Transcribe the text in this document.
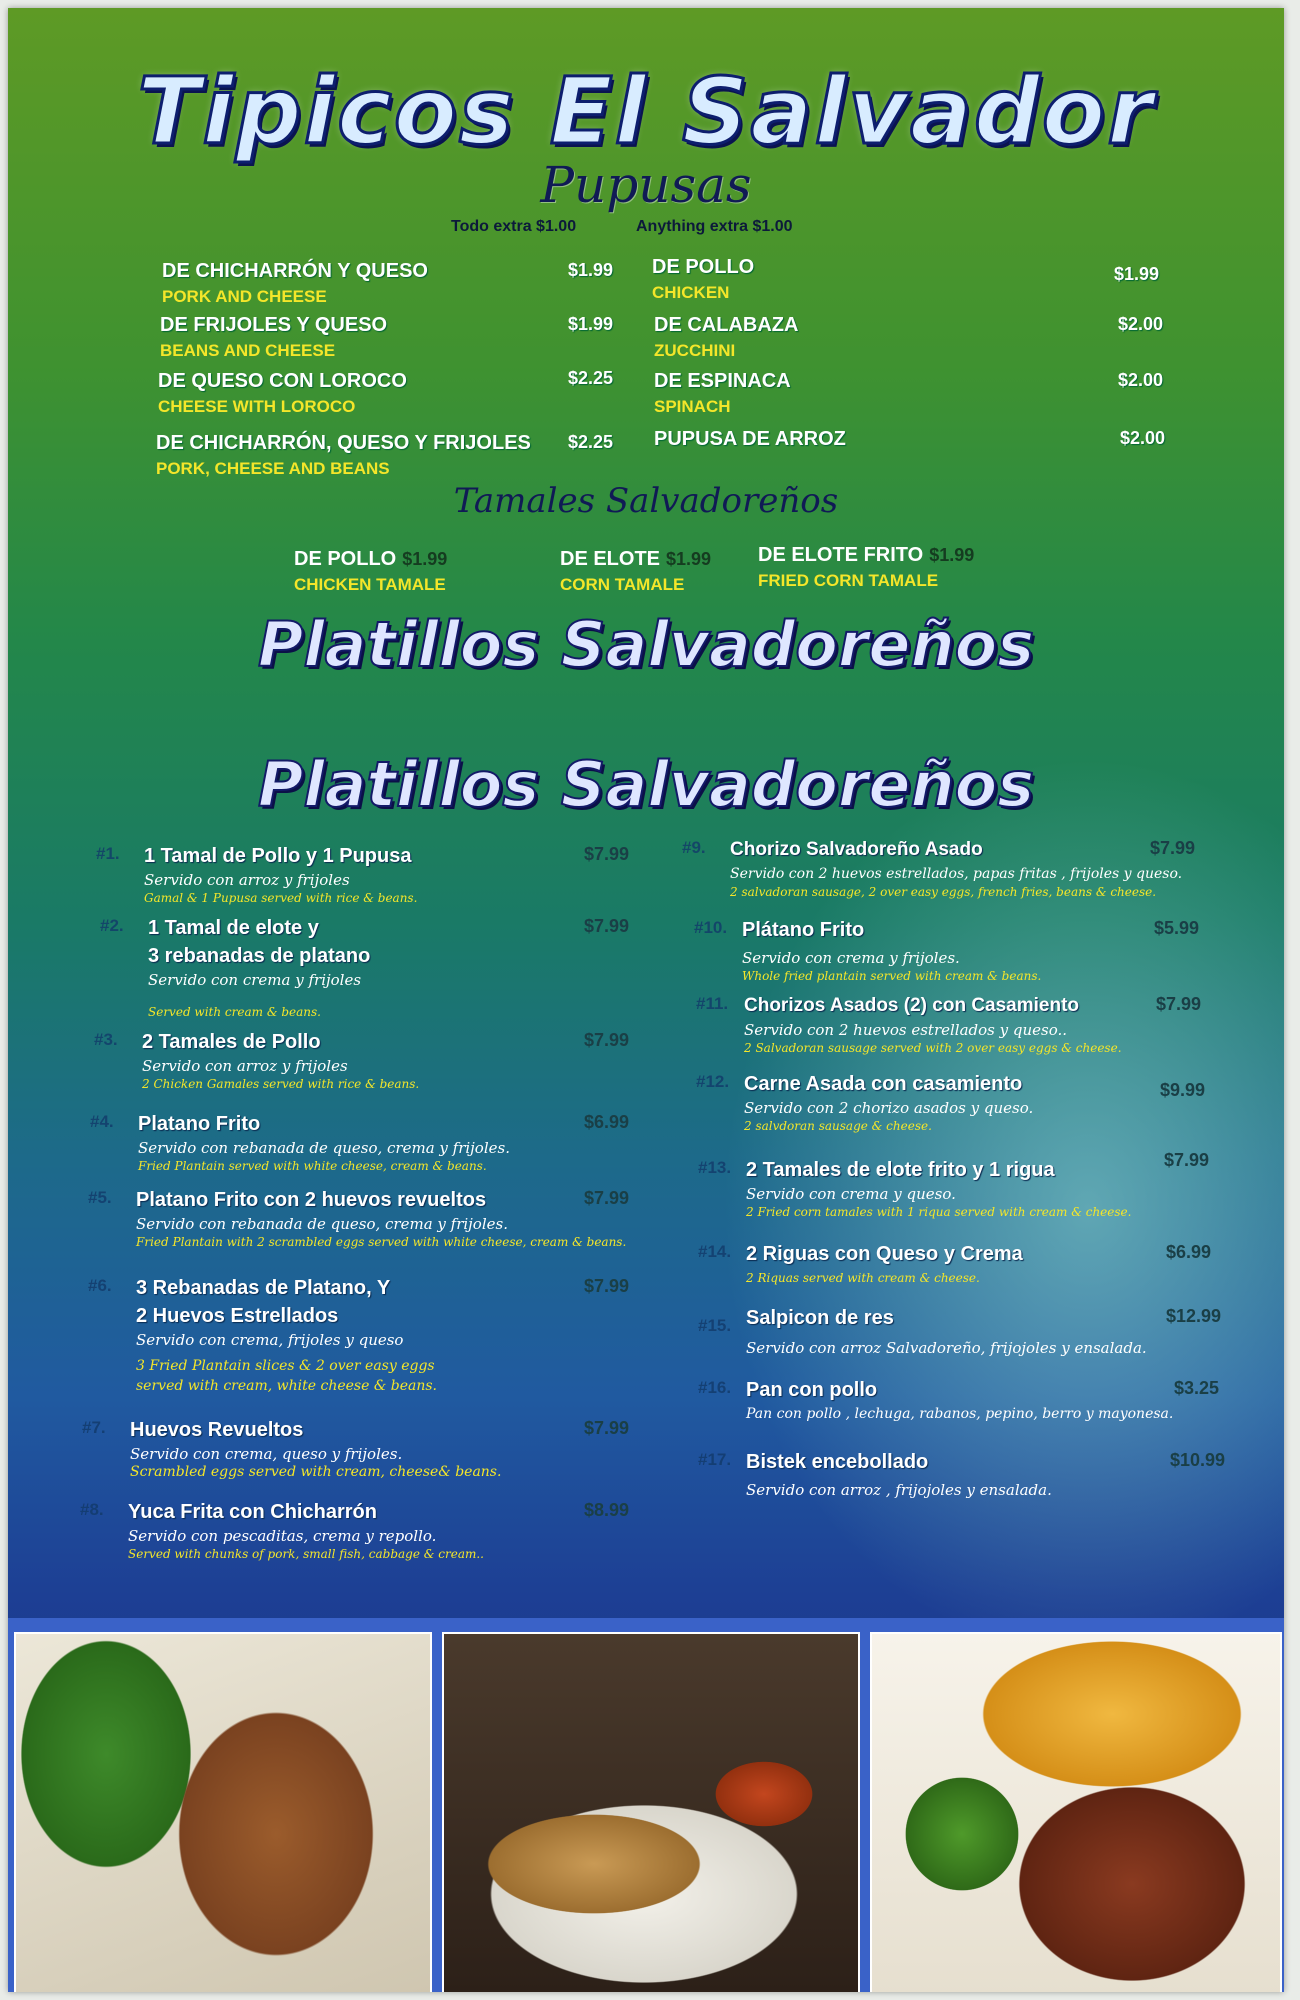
Tipicos El Salvador
Pupusas
Todo extra $1.00	Anything extra $1.00
DE CHICHARRÓN Y QUESO
PORK AND CHEESE
$1.99
DE FRIJOLES Y QUESO
BEANS AND CHEESE
$1.99
DE QUESO CON LOROCO
CHEESE WITH LOROCO
$2.25
DE CHICHARRÓN, QUESO Y FRIJOLES
PORK, CHEESE AND BEANS
$2.25
DE POLLO
CHICKEN
$1.99
DE CALABAZA
ZUCCHINI
$2.00
DE ESPINACA
SPINACH
$2.00
PUPUSA DE ARROZ	$2.00
Tamales Salvadoreños
DE POLLO $1.99
CHICKEN TAMALE
DE ELOTE $1.99
CORN TAMALE
DE ELOTE FRITO $1.99
FRIED CORN TAMALE
Platillos Salvadoreños
Platillos Salvadoreños
#1. 1 Tamal de Pollo y 1 Pupusa
Servido con arroz y frijoles
Gamal & 1 Pupusa served with rice & beans.
$7.99
#2. 1 Tamal de elote y
3 rebanadas de platano
Servido con crema y frijoles
Served with cream & beans.
$7.99
#3. 2 Tamales de Pollo
Servido con arroz y frijoles
2 Chicken Gamales served with rice & beans.
$7.99
#4. Platano Frito
Servido con rebanada de queso, crema y frijoles.
Fried Plantain served with white cheese, cream & beans.
$6.99
#5. Platano Frito con 2 huevos revueltos
Servido con rebanada de queso, crema y frijoles.
Fried Plantain with 2 scrambled eggs served with white cheese, cream & beans.
$7.99
#6. 3 Rebanadas de Platano, Y
2 Huevos Estrellados
Servido con crema, frijoles y queso
3 Fried Plantain slices & 2 over easy eggs
served with cream, white cheese & beans.
$7.99
#7. Huevos Revueltos
Servido con crema, queso y frijoles.
Scrambled eggs served with cream, cheese& beans.
$7.99
#8. Yuca Frita con Chicharrón
Servido con pescaditas, crema y repollo.
Served with chunks of pork, small fish, cabbage & cream..
$8.99
#9. Chorizo Salvadoreño Asado
Servido con 2 huevos estrellados, papas fritas , frijoles y queso.
2 salvadoran sausage, 2 over easy eggs, french fries, beans & cheese.
$7.99
#10. Plátano Frito
Servido con crema y frijoles.
Whole fried plantain served with cream & beans.
$5.99
#11. Chorizos Asados (2) con Casamiento
Servido con 2 huevos estrellados y queso..
2 Salvadoran sausage served with 2 over easy eggs & cheese.
$7.99
#12. Carne Asada con casamiento
Servido con 2 chorizo asados y queso.
2 salvdoran sausage & cheese.
$9.99
#13. 2 Tamales de elote frito y 1 rigua
Servido con crema y queso.
2 Fried corn tamales with 1 riqua served with cream & cheese.
$7.99
#14. 2 Riguas con Queso y Crema
2 Riquas served with cream & cheese.
$6.99
#15. Salpicon de res
Servido con arroz Salvadoreño, frijojoles y ensalada.
$12.99
#16. Pan con pollo
Pan con pollo , lechuga, rabanos, pepino, berro y mayonesa.
$3.25
#17. Bistek encebollado
Servido con arroz , frijojoles y ensalada.
$10.99
